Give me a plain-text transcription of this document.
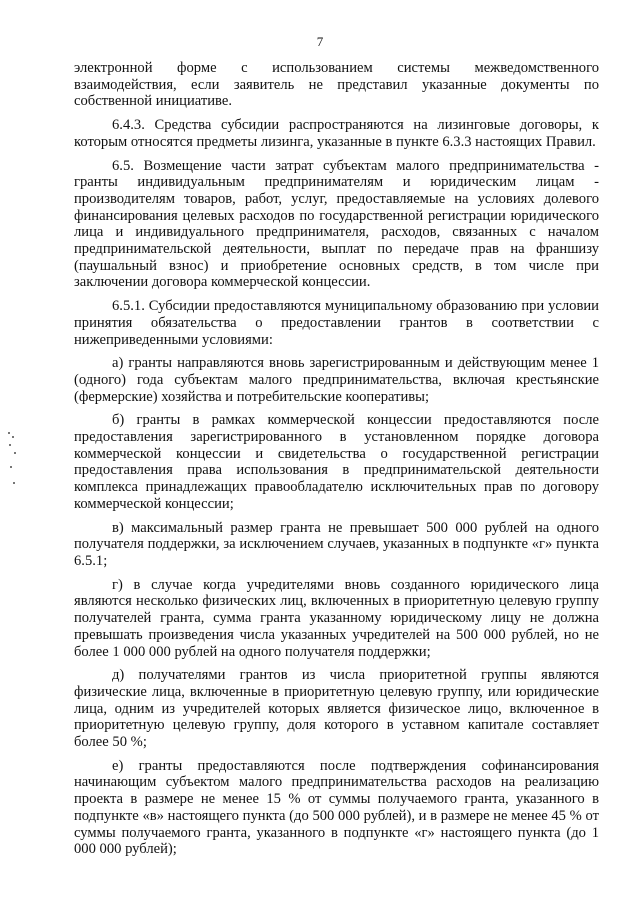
7

электронной форме с использованием системы межведомственного взаимодействия, если заявитель не представил указанные документы по собственной инициативе.

6.4.3. Средства субсидии распространяются на лизинговые договоры, к которым относятся предметы лизинга, указанные в пункте 6.3.3 настоящих Правил.

6.5. Возмещение части затрат субъектам малого предпринимательства - гранты индивидуальным предпринимателям и юридическим лицам - производителям товаров, работ, услуг, предоставляемые на условиях долевого финансирования целевых расходов по государственной регистрации юридического лица и индивидуального предпринимателя, расходов, связанных с началом предпринимательской деятельности, выплат по передаче прав на франшизу (паушальный взнос) и приобретение основных средств, в том числе при заключении договора коммерческой концессии.

6.5.1. Субсидии предоставляются муниципальному образованию при условии принятия обязательства о предоставлении грантов в соответствии с нижеприведенными условиями:

а) гранты направляются вновь зарегистрированным и действующим менее 1 (одного) года субъектам малого предпринимательства, включая крестьянские (фермерские) хозяйства и потребительские кооперативы;

б) гранты в рамках коммерческой концессии предоставляются после предоставления зарегистрированного в установленном порядке договора коммерческой концессии и свидетельства о государственной регистрации предоставления права использования в предпринимательской деятельности комплекса принадлежащих правообладателю исключительных прав по договору коммерческой концессии;

в) максимальный размер гранта не превышает 500 000 рублей на одного получателя поддержки, за исключением случаев, указанных в подпункте «г» пункта 6.5.1;

г) в случае когда учредителями вновь созданного юридического лица являются несколько физических лиц, включенных в приоритетную целевую группу получателей гранта, сумма гранта указанному юридическому лицу не должна превышать произведения числа указанных учредителей на 500 000 рублей, но не более 1 000 000 рублей на одного получателя поддержки;

д) получателями грантов из числа приоритетной группы являются физические лица, включенные в приоритетную целевую группу, или юридические лица, одним из учредителей которых является физическое лицо, включенное в приоритетную целевую группу, доля которого в уставном капитале составляет более 50 %;

е) гранты предоставляются после подтверждения софинансирования начинающим субъектом малого предпринимательства расходов на реализацию проекта в размере не менее 15 % от суммы получаемого гранта, указанного в подпункте «в» настоящего пункта (до 500 000 рублей), и в размере не менее 45 % от суммы получаемого гранта, указанного в подпункте «г» настоящего пункта (до 1 000 000 рублей);
